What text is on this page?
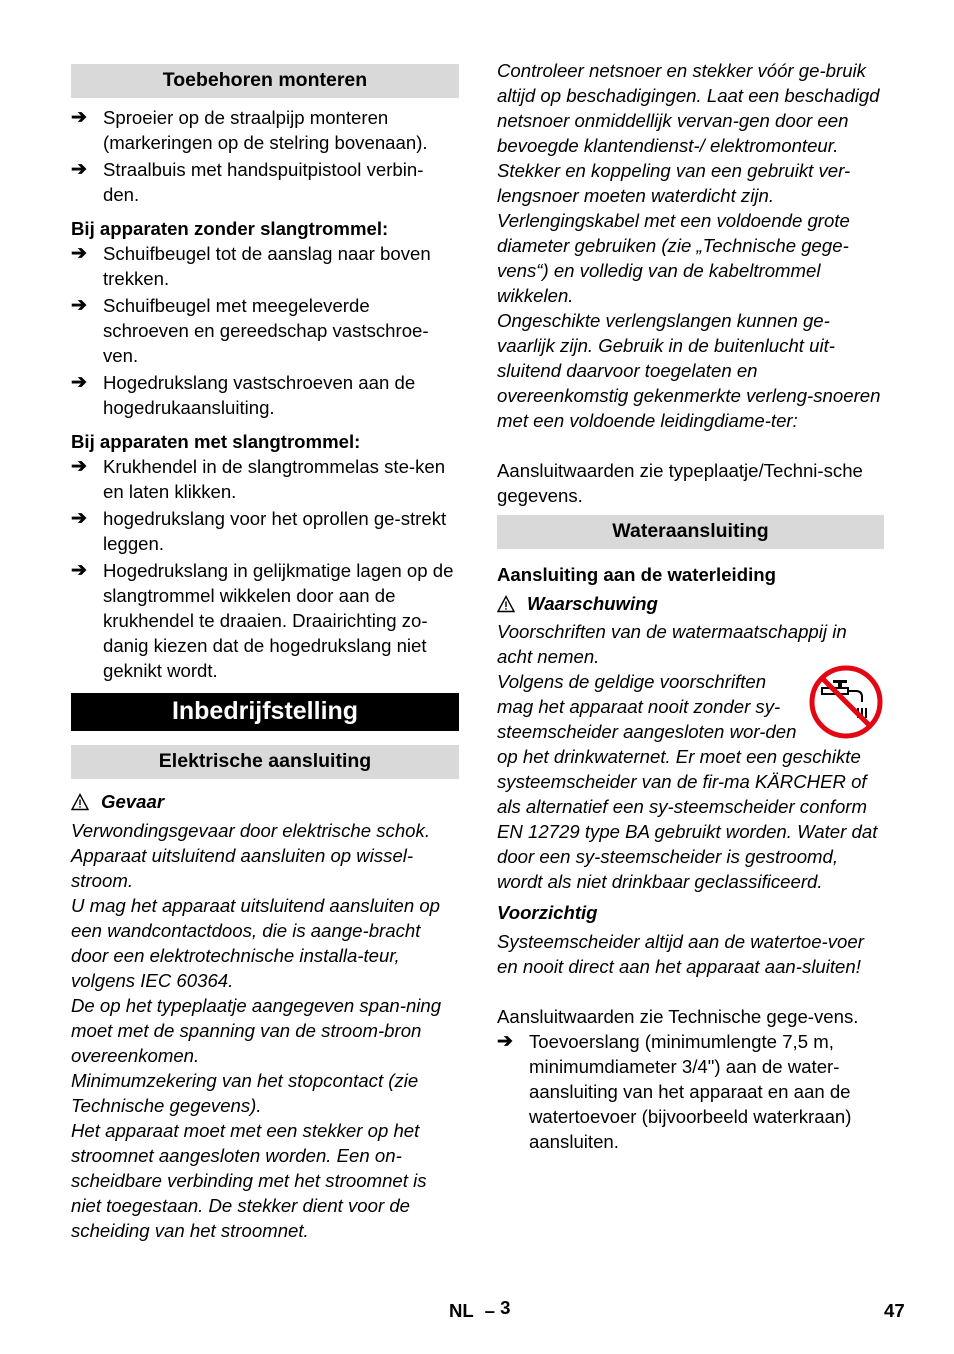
Toebehoren monteren
➔ Sproeier op de straalpijp monteren (markeringen op de stelring bovenaan).
➔ Straalbuis met handspuitpistool verbin-den.

Bij apparaten zonder slangtrommel:

➔ Schuifbeugel tot de aanslag naar boven trekken.
➔ Schuifbeugel met meegeleverde schroeven en gereedschap vastschroe-ven.
➔ Hogedrukslang vastschroeven aan de hogedrukaansluiting.

Bij apparaten met slangtrommel:

➔ Krukhendel in de slangtrommelas ste-ken en laten klikken.
➔ hogedrukslang voor het oprollen ge-strekt leggen.
➔ Hogedrukslang in gelijkmatige lagen op de slangtrommel wikkelen door aan de krukhendel te draaien. Draairichting zo-danig kiezen dat de hogedrukslang niet geknikt wordt.
Inbedrijfstelling
Elektrische aansluiting
Gevaar

Verwondingsgevaar door elektrische schok.

Apparaat uitsluitend aansluiten op wissel-stroom.

U mag het apparaat uitsluitend aansluiten op een wandcontactdoos, die is aange-bracht door een elektrotechnische installa-teur, volgens IEC 60364.

De op het typeplaatje aangegeven span-ning moet met de spanning van de stroom-bron overeenkomen.

Minimumzekering van het stopcontact (zie Technische gegevens).

Het apparaat moet met een stekker op het stroomnet aangesloten worden. Een on-scheidbare verbinding met het stroomnet is niet toegestaan. De stekker dient voor de scheiding van het stroomnet.

Controleer netsnoer en stekker vóór ge-bruik altijd op beschadigingen. Laat een beschadigd netsnoer onmiddellijk vervan-gen door een bevoegde klantendienst-/ elektromonteur.

Stekker en koppeling van een gebruikt ver-lengsnoer moeten waterdicht zijn.

Verlengingskabel met een voldoende grote diameter gebruiken (zie „Technische gege-vens“) en volledig van de kabeltrommel wikkelen.

Ongeschikte verlengslangen kunnen ge-vaarlijk zijn. Gebruik in de buitenlucht uit-sluitend daarvoor toegelaten en overeenkomstig gekenmerkte verleng-snoeren met een voldoende leidingdiame-ter:

Aansluitwaarden zie typeplaatje/Techni-sche gegevens.

Wateraansluiting

Aansluiting aan de waterleiding

Waarschuwing

Voorschriften van de watermaatschappij in acht nemen.

Volgens de geldige voorschriften mag het apparaat nooit zonder sy-steemscheider aangesloten wor-den op het drinkwaternet. Er moet een geschikte systeemscheider van de fir-ma KÄRCHER of als alternatief een sy-steemscheider conform EN 12729 type BA gebruikt worden. Water dat door een sy-steemscheider is gestroomd, wordt als niet drinkbaar geclassificeerd.

Voorzichtig

Systeemscheider altijd aan de watertoe-voer en nooit direct aan het apparaat aan-sluiten!

Aansluitwaarden zie Technische gege-vens.

➔ Toevoerslang (minimumlengte 7,5 m, minimumdiameter 3/4") aan de water-aansluiting van het apparaat en aan de watertoevoer (bijvoorbeeld waterkraan) aansluiten.
NL – 3	47
